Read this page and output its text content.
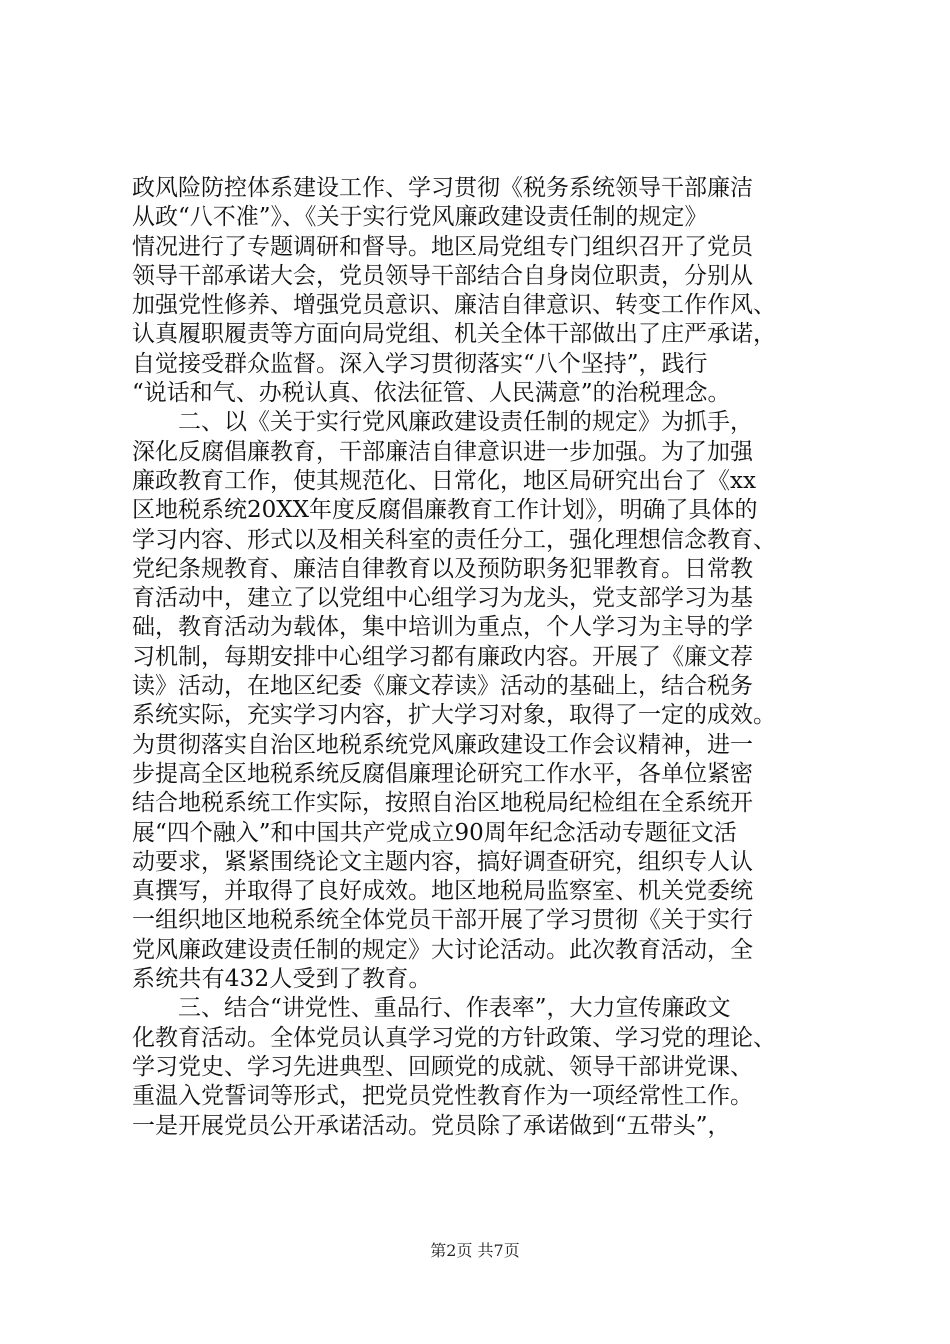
政风险防控体系建设工作、学习贯彻《税务系统领导干部廉洁
从政“八不准”》、《关于实行党风廉政建设责任制的规定》
情况进行了专题调研和督导。地区局党组专门组织召开了党员
领导干部承诺大会，党员领导干部结合自身岗位职责，分别从
加强党性修养、增强党员意识、廉洁自律意识、转变工作作风、
认真履职履责等方面向局党组、机关全体干部做出了庄严承诺，
自觉接受群众监督。深入学习贯彻落实“八个坚持”，践行
“说话和气、办税认真、依法征管、人民满意”的治税理念。
　　二、以《关于实行党风廉政建设责任制的规定》为抓手，
深化反腐倡廉教育，干部廉洁自律意识进一步加强。为了加强
廉政教育工作，使其规范化、日常化，地区局研究出台了《xx
区地税系统20XX年度反腐倡廉教育工作计划》，明确了具体的
学习内容、形式以及相关科室的责任分工，强化理想信念教育、
党纪条规教育、廉洁自律教育以及预防职务犯罪教育。日常教
育活动中，建立了以党组中心组学习为龙头，党支部学习为基
础，教育活动为载体，集中培训为重点，个人学习为主导的学
习机制，每期安排中心组学习都有廉政内容。开展了《廉文荐
读》活动，在地区纪委《廉文荐读》活动的基础上，结合税务
系统实际，充实学习内容，扩大学习对象，取得了一定的成效。
为贯彻落实自治区地税系统党风廉政建设工作会议精神，进一
步提高全区地税系统反腐倡廉理论研究工作水平，各单位紧密
结合地税系统工作实际，按照自治区地税局纪检组在全系统开
展“四个融入”和中国共产党成立90周年纪念活动专题征文活
动要求，紧紧围绕论文主题内容，搞好调查研究，组织专人认
真撰写，并取得了良好成效。地区地税局监察室、机关党委统
一组织地区地税系统全体党员干部开展了学习贯彻《关于实行
党风廉政建设责任制的规定》大讨论活动。此次教育活动，全
系统共有432人受到了教育。
　　三、结合“讲党性、重品行、作表率”，大力宣传廉政文
化教育活动。全体党员认真学习党的方针政策、学习党的理论、
学习党史、学习先进典型、回顾党的成就、领导干部讲党课、
重温入党誓词等形式，把党员党性教育作为一项经常性工作。
一是开展党员公开承诺活动。党员除了承诺做到“五带头”，
第2页 共7页
